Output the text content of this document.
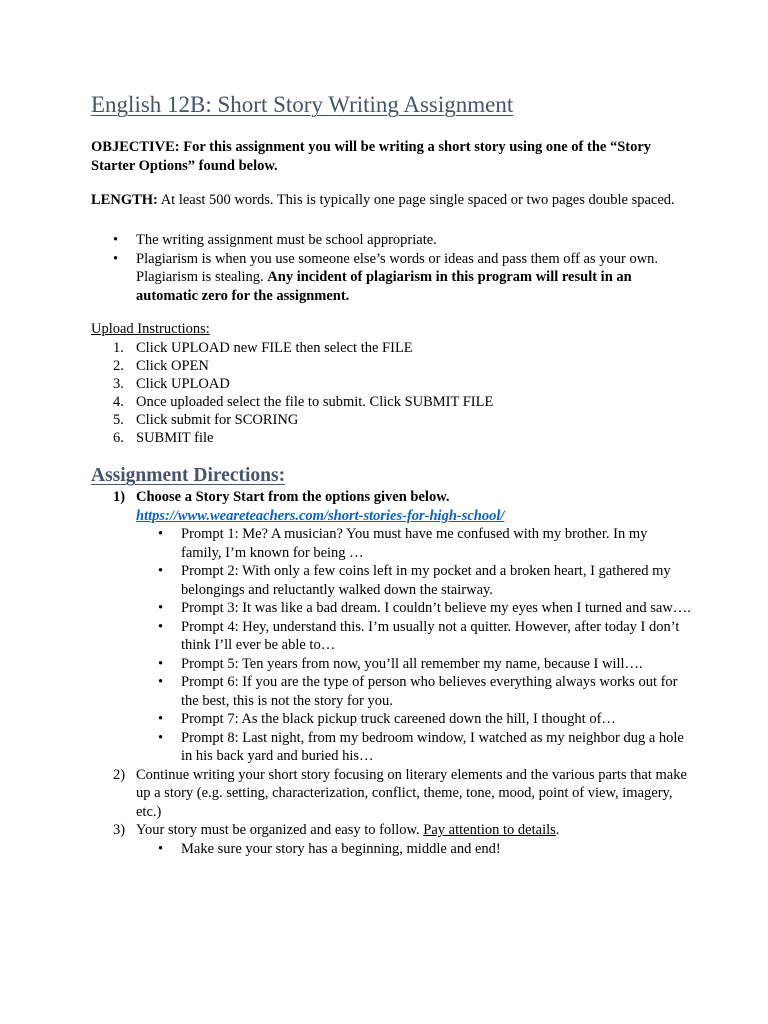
English 12B: Short Story Writing Assignment

OBJECTIVE: For this assignment you will be writing a short story using one of the “Story Starter Options” found below.

LENGTH: At least 500 words. This is typically one page single spaced or two pages double spaced.

• The writing assignment must be school appropriate.
• Plagiarism is when you use someone else’s words or ideas and pass them off as your own. Plagiarism is stealing. Any incident of plagiarism in this program will result in an automatic zero for the assignment.

Upload Instructions:

1. Click UPLOAD new FILE then select the FILE
2. Click OPEN
3. Click UPLOAD
4. Once uploaded select the file to submit. Click SUBMIT FILE
5. Click submit for SCORING
6. SUBMIT file
Assignment Directions:
1) Choose a Story Start from the options given below.
https://www.weareteachers.com/short-stories-for-high-school/
• Prompt 1: Me? A musician? You must have me confused with my brother. In my family, I’m known for being …
• Prompt 2: With only a few coins left in my pocket and a broken heart, I gathered my belongings and reluctantly walked down the stairway.
• Prompt 3: It was like a bad dream. I couldn’t believe my eyes when I turned and saw….
• Prompt 4: Hey, understand this. I’m usually not a quitter. However, after today I don’t think I’ll ever be able to…
• Prompt 5: Ten years from now, you’ll all remember my name, because I will….
• Prompt 6: If you are the type of person who believes everything always works out for the best, this is not the story for you.
• Prompt 7: As the black pickup truck careened down the hill, I thought of…
• Prompt 8: Last night, from my bedroom window, I watched as my neighbor dug a hole in his back yard and buried his…
2) Continue writing your short story focusing on literary elements and the various parts that make up a story (e.g. setting, characterization, conflict, theme, tone, mood, point of view, imagery, etc.)
3) Your story must be organized and easy to follow. Pay attention to details.
• Make sure your story has a beginning, middle and end!
